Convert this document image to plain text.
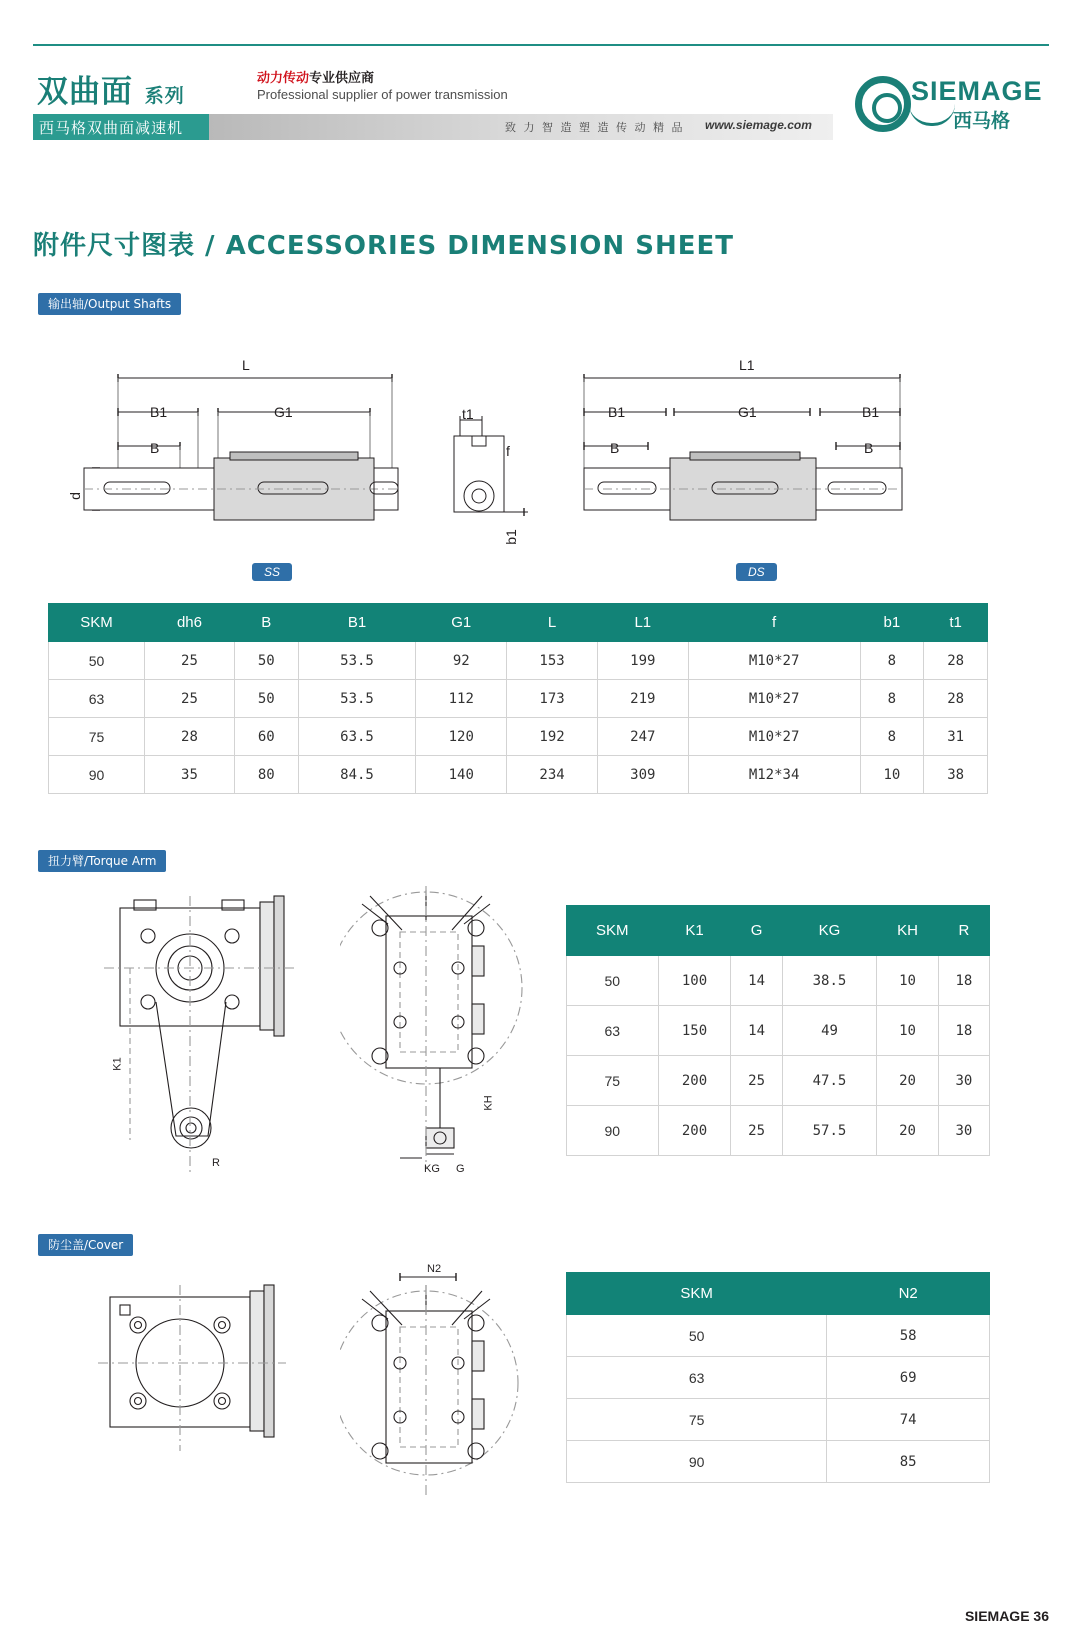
双曲面 系列
动力传动专业供应商
Professional supplier of power transmission
西马格双曲面减速机	致 力 智 造 塑 造 传 动 精 品 www.siemage.com
SIEMAGE
西马格
附件尺寸图表 / ACCESSORIES DIMENSION SHEET
输出轴/Output Shafts
L
B1	G1
B
d
SS
t1
f
b1
L1
B1	G1	B1
B	B
DS
SKM	dh6	B	B1	G1	L	L1	f	b1	t1
50	25	50	53.5	92	153	199	M10*27	8	28
63	25	50	53.5	112	173	219	M10*27	8	28
75	28	60	63.5	120	192	247	M10*27	8	31
90	35	80	84.5	140	234	309	M12*34	10	38
扭力臂/Torque Arm
K1
R
KH
KG G
SKM	K1	G	KG	KH	R
50	100	14	38.5	10	18
63	150	14	49	10	18
75	200	25	47.5	20	30
90	200	25	57.5	20	30
防尘盖/Cover
N2
SKM	N2
50	58
63	69
75	74
90	85
SIEMAGE 36
